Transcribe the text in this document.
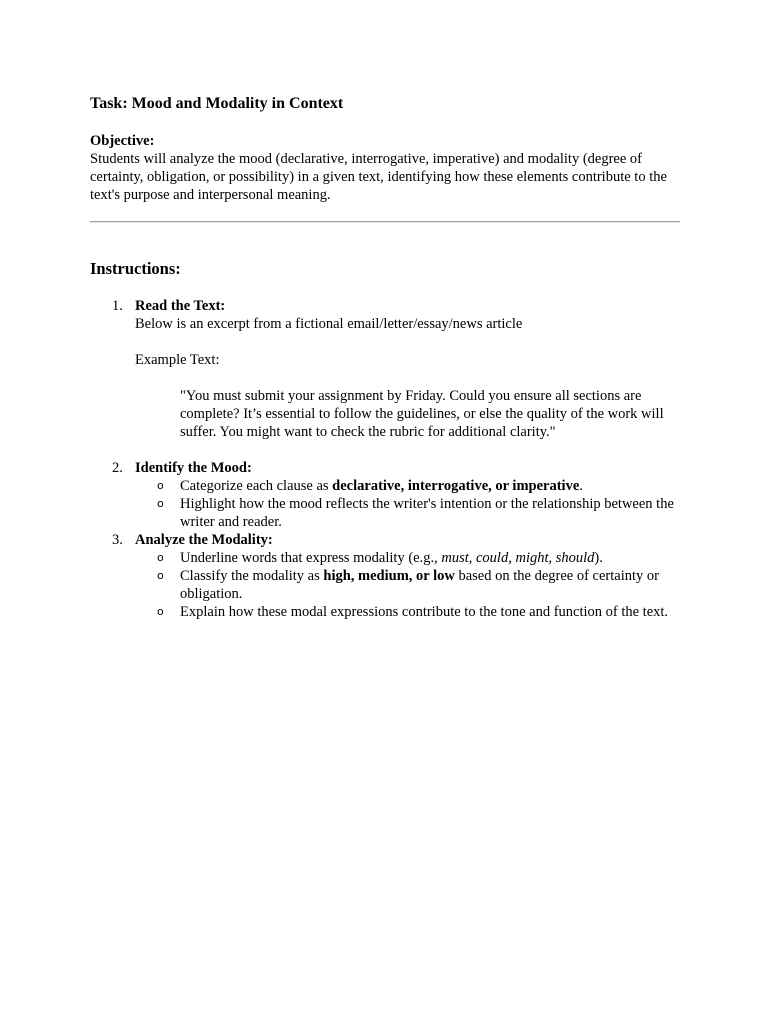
Task: Mood and Modality in Context
Objective:
Students will analyze the mood (declarative, interrogative, imperative) and modality (degree of certainty, obligation, or possibility) in a given text, identifying how these elements contribute to the text's purpose and interpersonal meaning.
Instructions:
1. Read the Text:
Below is an excerpt from a fictional email/letter/essay/news article
Example Text:
"You must submit your assignment by Friday. Could you ensure all sections are complete? It’s essential to follow the guidelines, or else the quality of the work will suffer. You might want to check the rubric for additional clarity."
2. Identify the Mood:
o Categorize each clause as declarative, interrogative, or imperative.
o Highlight how the mood reflects the writer's intention or the relationship between the writer and reader.
3. Analyze the Modality:
o Underline words that express modality (e.g., must, could, might, should).
o Classify the modality as high, medium, or low based on the degree of certainty or obligation.
o Explain how these modal expressions contribute to the tone and function of the text.
